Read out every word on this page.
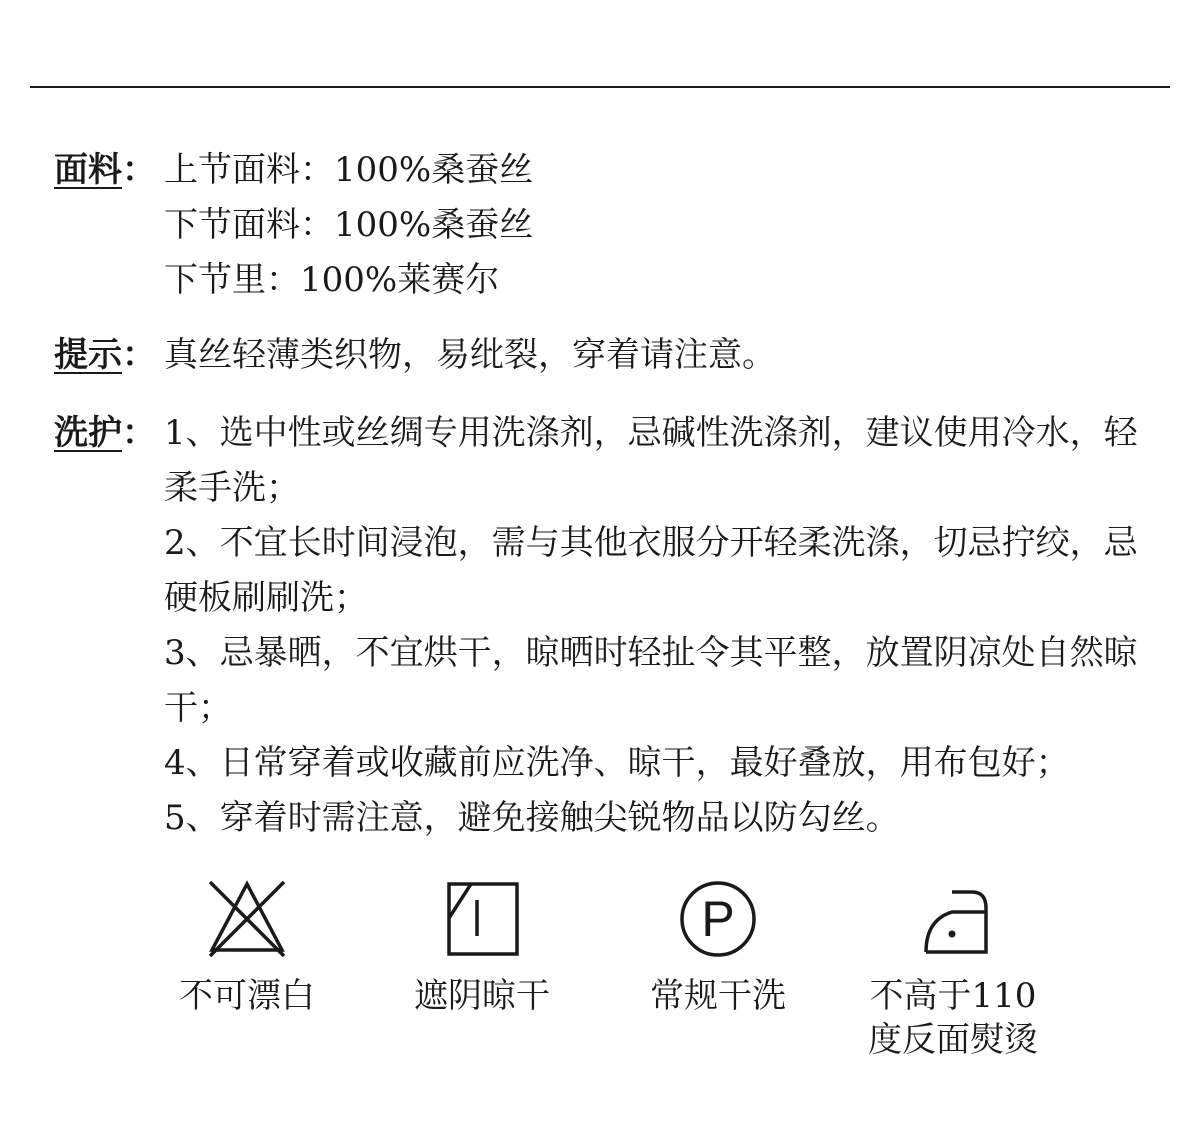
面料： 上节面料：100%桑蚕丝
下节面料：100%桑蚕丝
下节里：100%莱赛尔
提示： 真丝轻薄类织物，易纰裂，穿着请注意。
洗护： 1、选中性或丝绸专用洗涤剂，忌碱性洗涤剂，建议使用冷水，轻柔手洗；
2、不宜长时间浸泡，需与其他衣服分开轻柔洗涤，切忌拧绞，忌硬板刷刷洗；
3、忌暴晒，不宜烘干，晾晒时轻扯令其平整，放置阴凉处自然晾干；
4、日常穿着或收藏前应洗净、晾干，最好叠放，用布包好；
5、穿着时需注意，避免接触尖锐物品以防勾丝。
不可漂白	遮阴晾干
P
常规干洗	不高于110
度反面熨烫
